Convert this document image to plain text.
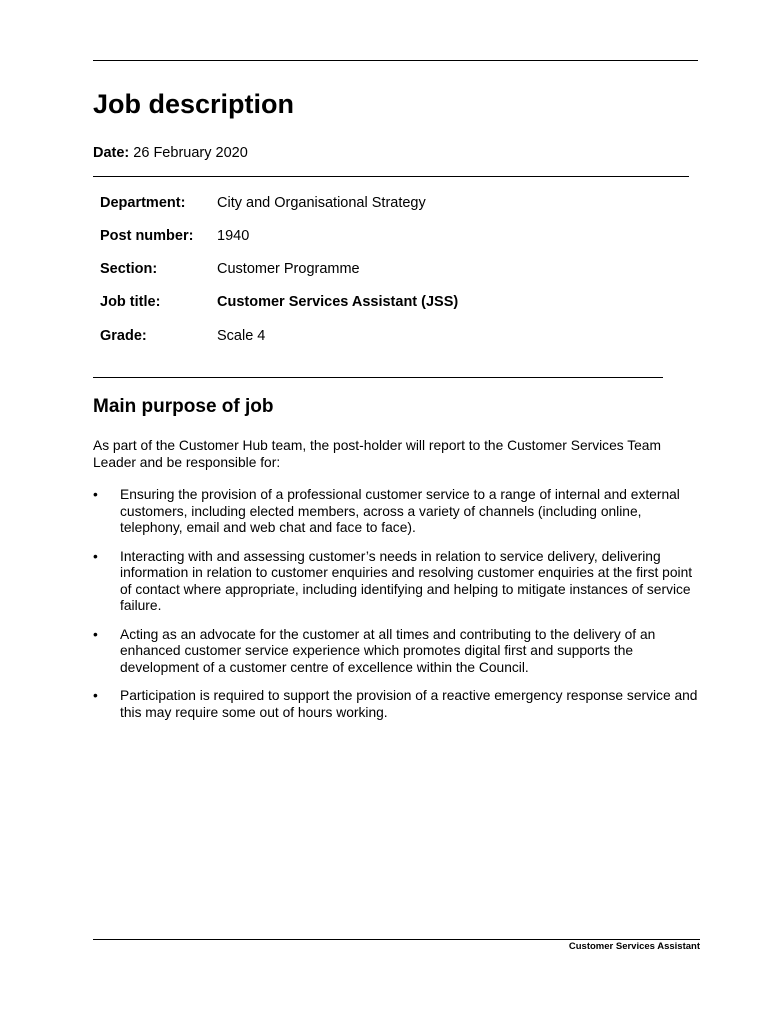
Job description
Date: 26 February 2020
Department: City and Organisational Strategy
Post number: 1940
Section:	Customer Programme
Job title:	Customer Services Assistant (JSS)
Grade:	Scale 4
Main purpose of job

As part of the Customer Hub team, the post-holder will report to the Customer Services Team Leader and be responsible for:

• Ensuring the provision of a professional customer service to a range of internal and external customers, including elected members, across a variety of channels (including online, telephony, email and web chat and face to face).
• Interacting with and assessing customer’s needs in relation to service delivery, delivering information in relation to customer enquiries and resolving customer enquiries at the first point of contact where appropriate, including identifying and helping to mitigate instances of service failure.
• Acting as an advocate for the customer at all times and contributing to the delivery of an enhanced customer service experience which promotes digital first and supports the development of a customer centre of excellence within the Council.
• Participation is required to support the provision of a reactive emergency response service and this may require some out of hours working.
Customer Services Assistant
